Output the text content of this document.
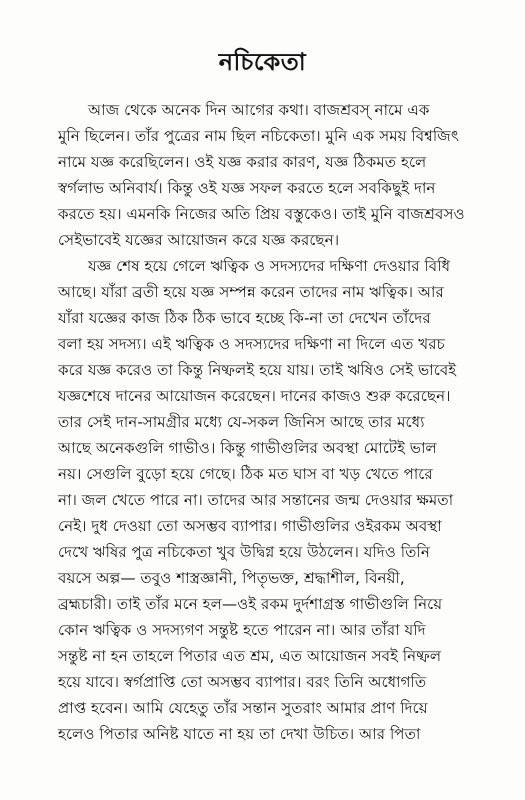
নচিকেতা
আজ থেকে অনেক দিন আগের কথা। বাজশ্রবস্ নামে এক
মুনি ছিলেন। তাঁর পুত্রের নাম ছিল নচিকেতা। মুনি এক সময় বিশ্বজিৎ
নামে যজ্ঞ করেছিলেন। ওই যজ্ঞ করার কারণ, যজ্ঞ ঠিকমত হলে
স্বর্গলাভ অনিবার্য। কিন্তু ওই যজ্ঞ সফল করতে হলে সবকিছুই দান
করতে হয়। এমনকি নিজের অতি প্রিয় বস্তুকেও। তাই মুনি বাজশ্রবসও
সেইভাবেই যজ্ঞের আয়োজন করে যজ্ঞ করছেন।
যজ্ঞ শেষ হয়ে গেলে ঋত্বিক ও সদস্যদের দক্ষিণা দেওয়ার বিধি
আছে। যাঁরা ব্রতী হয়ে যজ্ঞ সম্পন্ন করেন তাদের নাম ঋত্বিক। আর
যাঁরা যজ্ঞের কাজ ঠিক ঠিক ভাবে হচ্ছে কি-না তা দেখেন তাঁদের
বলা হয় সদস্য। এই ঋত্বিক ও সদস্যদের দক্ষিণা না দিলে এত খরচ
করে যজ্ঞ করেও তা কিন্তু নিষ্ফলই হয়ে যায়। তাই ঋষিও সেই ভাবেই
যজ্ঞশেষে দানের আয়োজন করেছেন। দানের কাজও শুরু করেছেন।
তার সেই দান-সামগ্রীর মধ্যে যে-সকল জিনিস আছে তার মধ্যে
আছে অনেকগুলি গাভীও। কিন্তু গাভীগুলির অবস্থা মোটেই ভাল
নয়। সেগুলি বুড়ো হয়ে গেছে। ঠিক মত ঘাস বা খড় খেতে পারে
না। জল খেতে পারে না। তাদের আর সন্তানের জন্ম দেওয়ার ক্ষমতা
নেই। দুধ দেওয়া তো অসম্ভব ব্যাপার। গাভীগুলির ওইরকম অবস্থা
দেখে ঋষির পুত্র নচিকেতা খুব উদ্বিগ্ন হয়ে উঠলেন। যদিও তিনি
বয়সে অল্প— তবুও শাস্ত্রজ্ঞানী, পিতৃভক্ত, শ্রদ্ধাশীল, বিনয়ী,
ব্রহ্মচারী। তাই তাঁর মনে হল—ওই রকম দুর্দশাগ্রস্ত গাভীগুলি নিয়ে
কোন ঋত্বিক ও সদস্যগণ সন্তুষ্ট হতে পারেন না। আর তাঁরা যদি
সন্তুষ্ট না হন তাহলে পিতার এত শ্রম, এত আয়োজন সবই নিষ্ফল
হয়ে যাবে। স্বর্গপ্রাপ্তি তো অসম্ভব ব্যাপার। বরং তিনি অধোগতি
প্রাপ্ত হবেন। আমি যেহেতু তাঁর সন্তান সুতরাং আমার প্রাণ দিয়ে
হলেও পিতার অনিষ্ট যাতে না হয় তা দেখা উচিত। আর পিতা
